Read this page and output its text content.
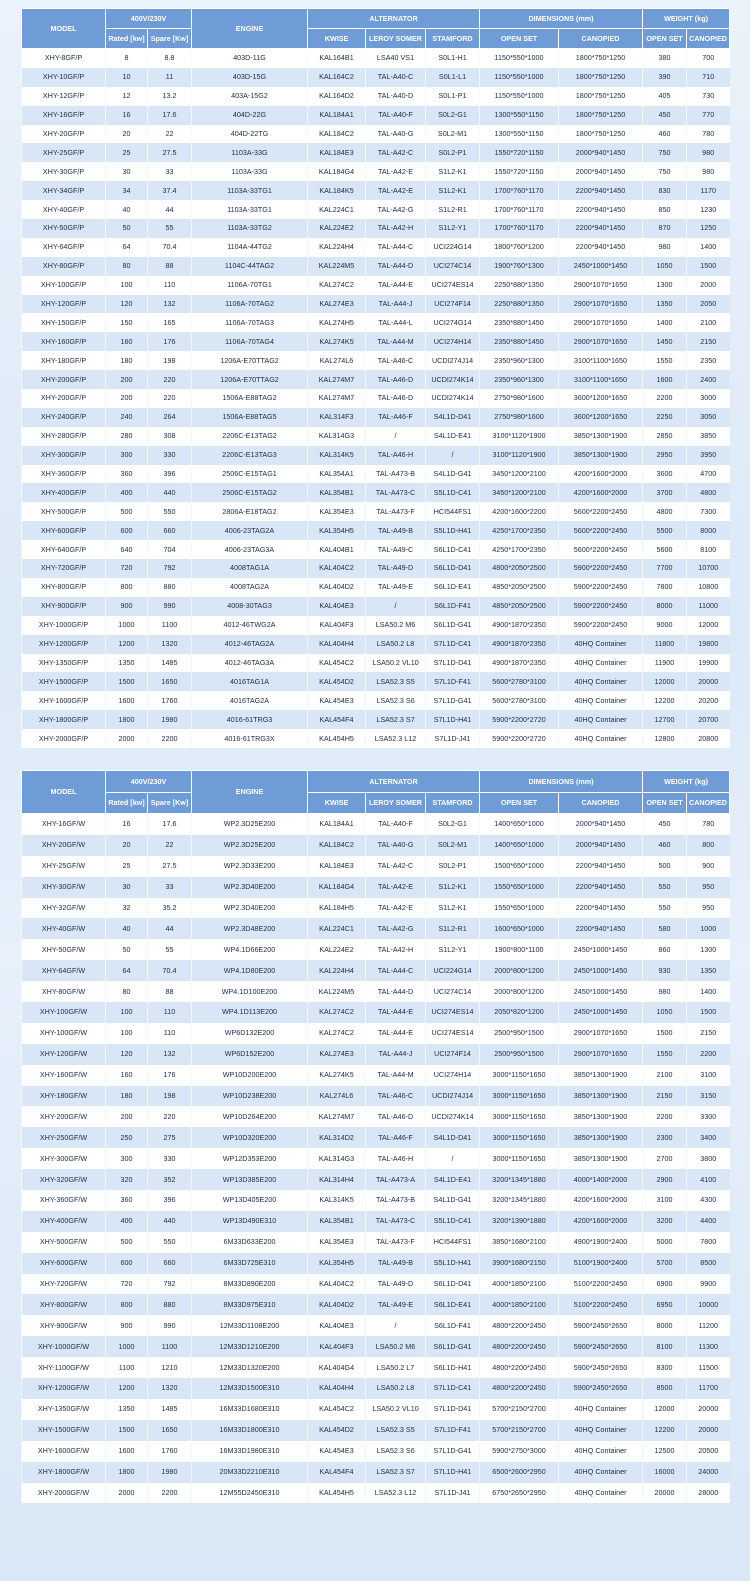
MODEL	400V/230V		ENGINE	ALTERNATOR			DIMENSIONS (mm)		WEIGHT (kg)	
	Rated [kw]	Spare [Kw]		KWISE	LEROY SOMER	STAMFORD	OPEN SET	CANOPIED	OPEN SET	CANOPIED
XHY-8GF/P	8	8.8	403D-11G	KAL164B1	LSA40 VS1	S0L1-H1	1150*550*1000	1800*750*1250	380	700
XHY-10GF/P	10	11	403D-15G	KAL164C2	TAL-A40-C	S0L1-L1	1150*550*1000	1800*750*1250	390	710
XHY-12GF/P	12	13.2	403A-15G2	KAL164D2	TAL-A40-D	S0L1-P1	1150*550*1000	1800*750*1250	405	730
XHY-16GF/P	16	17.6	404D-22G	KAL184A1	TAL-A40-F	S0L2-G1	1300*550*1150	1800*750*1250	450	770
XHY-20GF/P	20	22	404D-22TG	KAL184C2	TAL-A40-G	S0L2-M1	1300*550*1150	1800*750*1250	460	780
XHY-25GF/P	25	27.5	1103A-33G	KAL184E3	TAL-A42-C	S0L2-P1	1550*720*1150	2000*940*1450	750	980
XHY-30GF/P	30	33	1103A-33G	KAL184G4	TAL-A42-E	S1L2-K1	1550*720*1150	2000*940*1450	750	980
XHY-34GF/P	34	37.4	1103A-33TG1	KAL184K5	TAL-A42-E	S1L2-K1	1700*760*1170	2200*940*1450	830	1170
XHY-40GF/P	40	44	1103A-33TG1	KAL224C1	TAL-A42-G	S1L2-R1	1700*760*1170	2200*940*1450	850	1230
XHY-50GF/P	50	55	1103A-33TG2	KAL224E2	TAL-A42-H	S1L2-Y1	1700*760*1170	2200*940*1450	870	1250
XHY-64GF/P	64	70.4	1104A-44TG2	KAL224H4	TAL-A44-C	UCI224G14	1800*760*1200	2200*940*1450	980	1400
XHY-80GF/P	80	88	1104C-44TAG2	KAL224M5	TAL-A44-D	UCI274C14	1900*760*1300	2450*1000*1450	1050	1500
XHY-100GF/P	100	110	1106A-70TG1	KAL274C2	TAL-A44-E	UCI274ES14	2250*880*1350	2900*1070*1650	1300	2000
XHY-120GF/P	120	132	1106A-70TAG2	KAL274E3	TAL-A44-J	UCI274F14	2250*880*1350	2900*1070*1650	1350	2050
XHY-150GF/P	150	165	1106A-70TAG3	KAL274H5	TAL-A44-L	UCI274G14	2350*880*1450	2900*1070*1650	1400	2100
XHY-160GF/P	160	176	1106A-70TAG4	KAL274K5	TAL-A44-M	UCI274H14	2350*880*1450	2900*1070*1650	1450	2150
XHY-180GF/P	180	198	1206A-E70TTAG2	KAL274L6	TAL-A46-C	UCDI274J14	2350*960*1300	3100*1100*1650	1550	2350
XHY-200GF/P	200	220	1206A-E70TTAG2	KAL274M7	TAL-A46-D	UCDI274K14	2350*960*1300	3100*1100*1650	1600	2400
XHY-200GF/P	200	220	1506A-E88TAG2	KAL274M7	TAL-A46-D	UCDI274K14	2750*980*1600	3600*1200*1650	2200	3000
XHY-240GF/P	240	264	1506A-E88TAG5	KAL314F3	TAL-A46-F	S4L1D-D41	2750*980*1600	3600*1200*1650	2250	3050
XHY-280GF/P	280	308	2206C-E13TAG2	KAL314G3	/	S4L1D-E41	3100*1120*1900	3850*1300*1900	2850	3850
XHY-300GF/P	300	330	2206C-E13TAG3	KAL314K5	TAL-A46-H	/	3100*1120*1900	3850*1300*1900	2950	3950
XHY-360GF/P	360	396	2506C-E15TAG1	KAL354A1	TAL-A473-B	S4L1D-G41	3450*1200*2100	4200*1600*2000	3600	4700
XHY-400GF/P	400	440	2506C-E15TAG2	KAL354B1	TAL-A473-C	S5L1D-C41	3450*1200*2100	4200*1600*2000	3700	4800
XHY-500GF/P	500	550	2806A-E18TAG2	KAL354E3	TAL-A473-F	HCI544FS1	4200*1600*2200	5600*2200*2450	4800	7300
XHY-600GF/P	600	660	4006-23TAG2A	KAL354H5	TAL-A49-B	S5L1D-H41	4250*1700*2350	5600*2200*2450	5500	8000
XHY-640GF/P	640	704	4006-23TAG3A	KAL404B1	TAL-A49-C	S6L1D-C41	4250*1700*2350	5600*2200*2450	5600	8100
XHY-720GF/P	720	792	4008TAG1A	KAL404C2	TAL-A49-D	S6L1D-D41	4800*2050*2500	5900*2200*2450	7700	10700
XHY-800GF/P	800	880	4008TAG2A	KAL404D2	TAL-A49-E	S6L1D-E41	4850*2050*2500	5900*2200*2450	7800	10800
XHY-900GF/P	900	990	4008-30TAG3	KAL404E3	/	S6L1D-F41	4850*2050*2500	5900*2200*2450	8000	11000
XHY-1000GF/P	1000	1100	4012-46TWG2A	KAL404F3	LSA50.2 M6	S6L1D-G41	4900*1870*2350	5900*2200*2450	9000	12000
XHY-1200GF/P	1200	1320	4012-46TAG2A	KAL404H4	LSA50.2 L8	S7L1D-C41	4900*1870*2350	40HQ Container	11800	19800
XHY-1350GF/P	1350	1485	4012-46TAG3A	KAL454C2	LSA50.2 VL10	S7L1D-D41	4900*1870*2350	40HQ Container	11900	19900
XHY-1500GF/P	1500	1650	4016TAG1A	KAL454D2	LSA52.3 S5	S7L1D-F41	5600*2780*3100	40HQ Container	12000	20000
XHY-1600GF/P	1600	1760	4016TAG2A	KAL454E3	LSA52.3 S6	S7L1D-G41	5600*2780*3100	40HQ Container	12200	20200
XHY-1800GF/P	1800	1980	4016-61TRG3	KAL454F4	LSA52.3 S7	S7L1D-H41	5900*2200*2720	40HQ Container	12700	20700
XHY-2000GF/P	2000	2200	4016-61TRG3X	KAL454H5	LSA52.3 L12	S7L1D-J41	5900*2200*2720	40HQ Container	12800	20800
MODEL	400V/230V		ENGINE	ALTERNATOR			DIMENSIONS (mm)		WEIGHT (kg)	
	Rated [kw]	Spare [Kw]		KWISE	LEROY SOMER	STAMFORD	OPEN SET	CANOPIED	OPEN SET	CANOPIED
XHY-16GF/W	16	17.6	WP2.3D25E200	KAL184A1	TAL-A40-F	S0L2-G1	1400*650*1000	2000*940*1450	450	780
XHY-20GF/W	20	22	WP2.3D25E200	KAL184C2	TAL-A40-G	S0L2-M1	1400*650*1000	2000*940*1450	460	800
XHY-25GF/W	25	27.5	WP2.3D33E200	KAL184E3	TAL-A42-C	S0L2-P1	1500*650*1000	2200*940*1450	500	900
XHY-30GF/W	30	33	WP2.3D40E200	KAL184G4	TAL-A42-E	S1L2-K1	1550*650*1000	2200*940*1450	550	950
XHY-32GF/W	32	35.2	WP2.3D40E200	KAL184H5	TAL-A42-E	S1L2-K1	1550*650*1000	2200*940*1450	550	950
XHY-40GF/W	40	44	WP2.3D48E200	KAL224C1	TAL-A42-G	S1L2-R1	1600*650*1000	2200*940*1450	580	1000
XHY-50GF/W	50	55	WP4.1D66E200	KAL224E2	TAL-A42-H	S1L2-Y1	1900*800*1100	2450*1000*1450	860	1300
XHY-64GF/W	64	70.4	WP4.1D80E200	KAL224H4	TAL-A44-C	UCI224G14	2000*800*1200	2450*1000*1450	930	1350
XHY-80GF/W	80	88	WP4.1D100E200	KAL224M5	TAL-A44-D	UCI274C14	2000*800*1200	2450*1000*1450	980	1400
XHY-100GF/W	100	110	WP4.1D113E200	KAL274C2	TAL-A44-E	UCI274ES14	2050*820*1200	2450*1000*1450	1050	1500
XHY-100GF/W	100	110	WP6D132E200	KAL274C2	TAL-A44-E	UCI274ES14	2500*950*1500	2900*1070*1650	1500	2150
XHY-120GF/W	120	132	WP6D152E200	KAL274E3	TAL-A44-J	UCI274F14	2500*950*1500	2900*1070*1650	1550	2200
XHY-160GF/W	160	176	WP10D200E200	KAL274K5	TAL-A44-M	UCI274H14	3000*1150*1650	3850*1300*1900	2100	3100
XHY-180GF/W	180	198	WP10D238E200	KAL274L6	TAL-A46-C	UCDI274J14	3000*1150*1650	3850*1300*1900	2150	3150
XHY-200GF/W	200	220	WP10D264E200	KAL274M7	TAL-A46-D	UCDI274K14	3000*1150*1650	3850*1300*1900	2200	3300
XHY-250GF/W	250	275	WP10D320E200	KAL314D2	TAL-A46-F	S4L1D-D41	3000*1150*1650	3850*1300*1900	2300	3400
XHY-300GF/W	300	330	WP12D353E200	KAL314G3	TAL-A46-H	/	3000*1150*1650	3850*1300*1900	2700	3800
XHY-320GF/W	320	352	WP13D385E200	KAL314H4	TAL-A473-A	S4L1D-E41	3200*1345*1880	4000*1400*2000	2900	4100
XHY-360GF/W	360	396	WP13D405E200	KAL314K5	TAL-A473-B	S4L1D-G41	3200*1345*1880	4200*1600*2000	3100	4300
XHY-400GF/W	400	440	WP13D490E310	KAL354B1	TAL-A473-C	S5L1D-C41	3200*1390*1880	4200*1600*2000	3200	4400
XHY-500GF/W	500	550	6M33D633E200	KAL354E3	TAL-A473-F	HCI544FS1	3850*1680*2100	4900*1900*2400	5000	7800
XHY-600GF/W	600	660	6M33D725E310	KAL354H5	TAL-A49-B	S5L1D-H41	3900*1680*2150	5100*1900*2400	5700	8500
XHY-720GF/W	720	792	8M33D890E200	KAL404C2	TAL-A49-D	S6L1D-D41	4000*1850*2100	5100*2200*2450	6900	9900
XHY-800GF/W	800	880	8M33D975E310	KAL404D2	TAL-A49-E	S6L1D-E41	4000*1850*2100	5100*2200*2450	6950	10000
XHY-900GF/W	900	990	12M33D1108E200	KAL404E3	/	S6L1D-F41	4800*2200*2450	5900*2450*2650	8000	11200
XHY-1000GF/W	1000	1100	12M33D1210E200	KAL404F3	LSA50.2 M6	S6L1D-G41	4800*2200*2450	5900*2450*2650	8100	11300
XHY-1100GF/W	1100	1210	12M33D1320E200	KAL404G4	LSA50.2 L7	S6L1D-H41	4800*2200*2450	5900*2450*2650	8300	11500
XHY-1200GF/W	1200	1320	12M33D1500E310	KAL404H4	LSA50.2 L8	S7L1D-C41	4800*2200*2450	5900*2450*2650	8500	11700
XHY-1350GF/W	1350	1485	16M33D1680E310	KAL454C2	LSA50.2 VL10	S7L1D-D41	5700*2150*2700	40HQ Container	12000	20000
XHY-1500GF/W	1500	1650	16M33D1800E310	KAL454D2	LSA52.3 S5	S7L1D-F41	5700*2150*2700	40HQ Container	12200	20000
XHY-1600GF/W	1600	1760	16M33D1980E310	KAL454E3	LSA52.3 S6	S7L1D-G41	5900*2750*3000	40HQ Container	12500	20500
XHY-1800GF/W	1800	1980	20M33D2210E310	KAL454F4	LSA52.3 S7	S7L1D-H41	6500*2600*2950	40HQ Container	16000	24000
XHY-2000GF/W	2000	2200	12M55D2450E310	KAL454H5	LSA52.3 L12	S7L1D-J41	6750*2650*2950	40HQ Container	20000	28000
